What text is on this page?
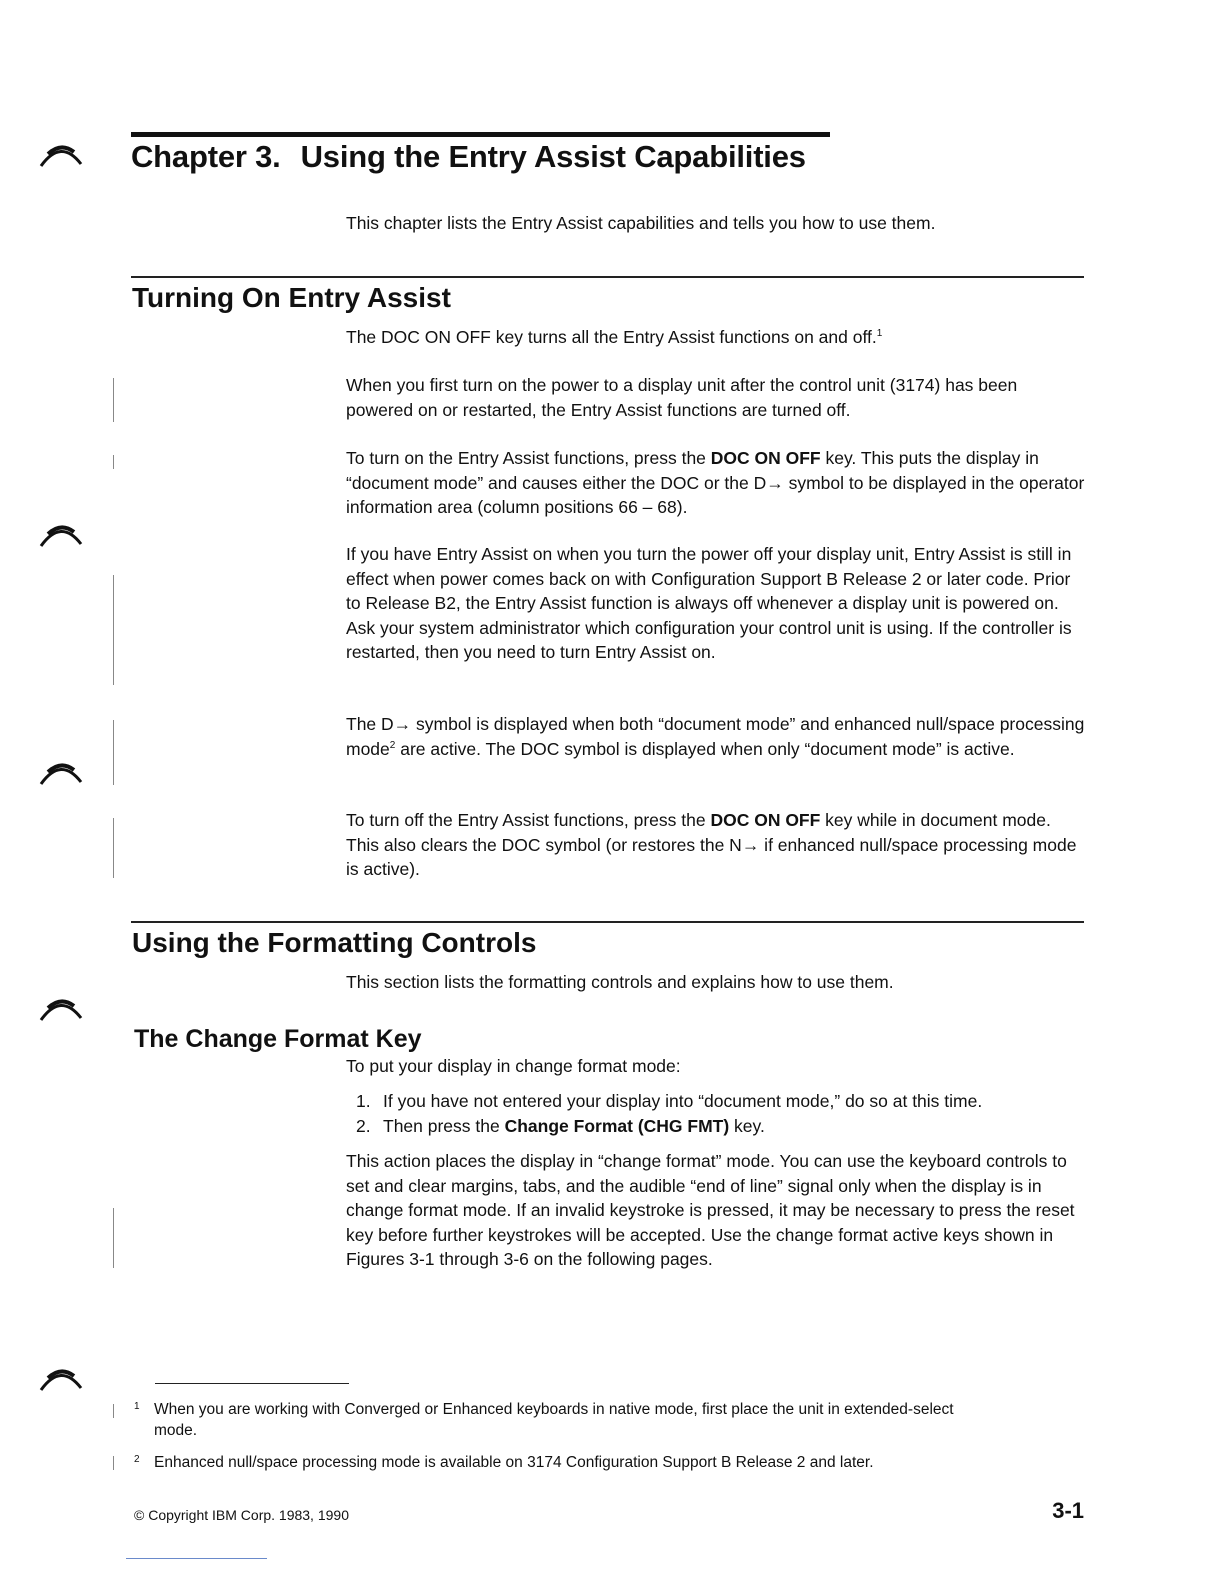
Chapter 3. Using the Entry Assist Capabilities

This chapter lists the Entry Assist capabilities and tells you how to use them.

Turning On Entry Assist

The DOC ON OFF key turns all the Entry Assist functions on and off.$^1$

When you first turn on the power to a display unit after the control unit (3174) has been powered on or restarted, the Entry Assist functions are turned off.

To turn on the Entry Assist functions, press the DOC ON OFF key. This puts the display in “document mode” and causes either the DOC or the D→ symbol to be displayed in the operator information area (column positions 66 – 68).

If you have Entry Assist on when you turn the power off your display unit, Entry Assist is still in effect when power comes back on with Configuration Support B Release 2 or later code. Prior to Release B2, the Entry Assist function is always off whenever a display unit is powered on. Ask your system administrator which configuration your control unit is using. If the controller is restarted, then you need to turn Entry Assist on.

The D→ symbol is displayed when both “document mode” and enhanced null/space processing mode$^2$ are active. The DOC symbol is displayed when only “document mode” is active.

To turn off the Entry Assist functions, press the DOC ON OFF key while in document mode. This also clears the DOC symbol (or restores the N→ if enhanced null/space processing mode is active).

Using the Formatting Controls

This section lists the formatting controls and explains how to use them.

The Change Format Key

To put your display in change format mode:

1. If you have not entered your display into “document mode,” do so at this time.
2. Then press the Change Format (CHG FMT) key.

This action places the display in “change format” mode. You can use the keyboard controls to set and clear margins, tabs, and the audible “end of line” signal only when the display is in change format mode. If an invalid keystroke is pressed, it may be necessary to press the reset key before further keystrokes will be accepted. Use the change format active keys shown in Figures 3-1 through 3-6 on the following pages.

1 When you are working with Converged or Enhanced keyboards in native mode, first place the unit in extended-select mode.
2 Enhanced null/space processing mode is available on 3174 Configuration Support B Release 2 and later.
© Copyright IBM Corp. 1983, 1990	3-1
